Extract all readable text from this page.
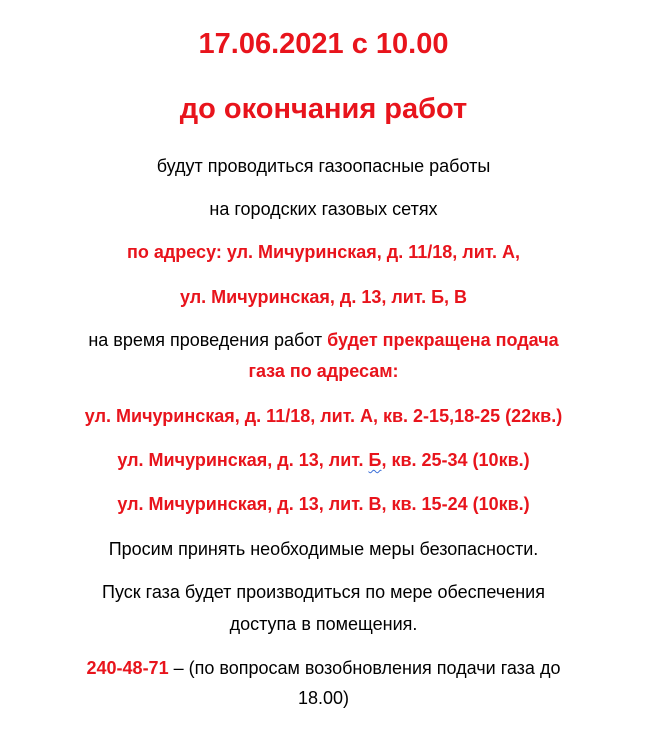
17.06.2021 с 10.00
до окончания работ
будут проводиться газоопасные работы
на городских газовых сетях
по адресу: ул. Мичуринская, д. 11/18, лит. А,
ул. Мичуринская, д. 13, лит. Б, В
на время проведения работ будет прекращена подача
газа по адресам:
ул. Мичуринская, д. 11/18, лит. А, кв. 2-15,18-25 (22кв.)
ул. Мичуринская, д. 13, лит. Б, кв. 25-34 (10кв.)
ул. Мичуринская, д. 13, лит. В, кв. 15-24 (10кв.)
Просим принять необходимые меры безопасности.
Пуск газа будет производиться по мере обеспечения
доступа в помещения.
240-48-71 – (по вопросам возобновления подачи газа до
18.00)
